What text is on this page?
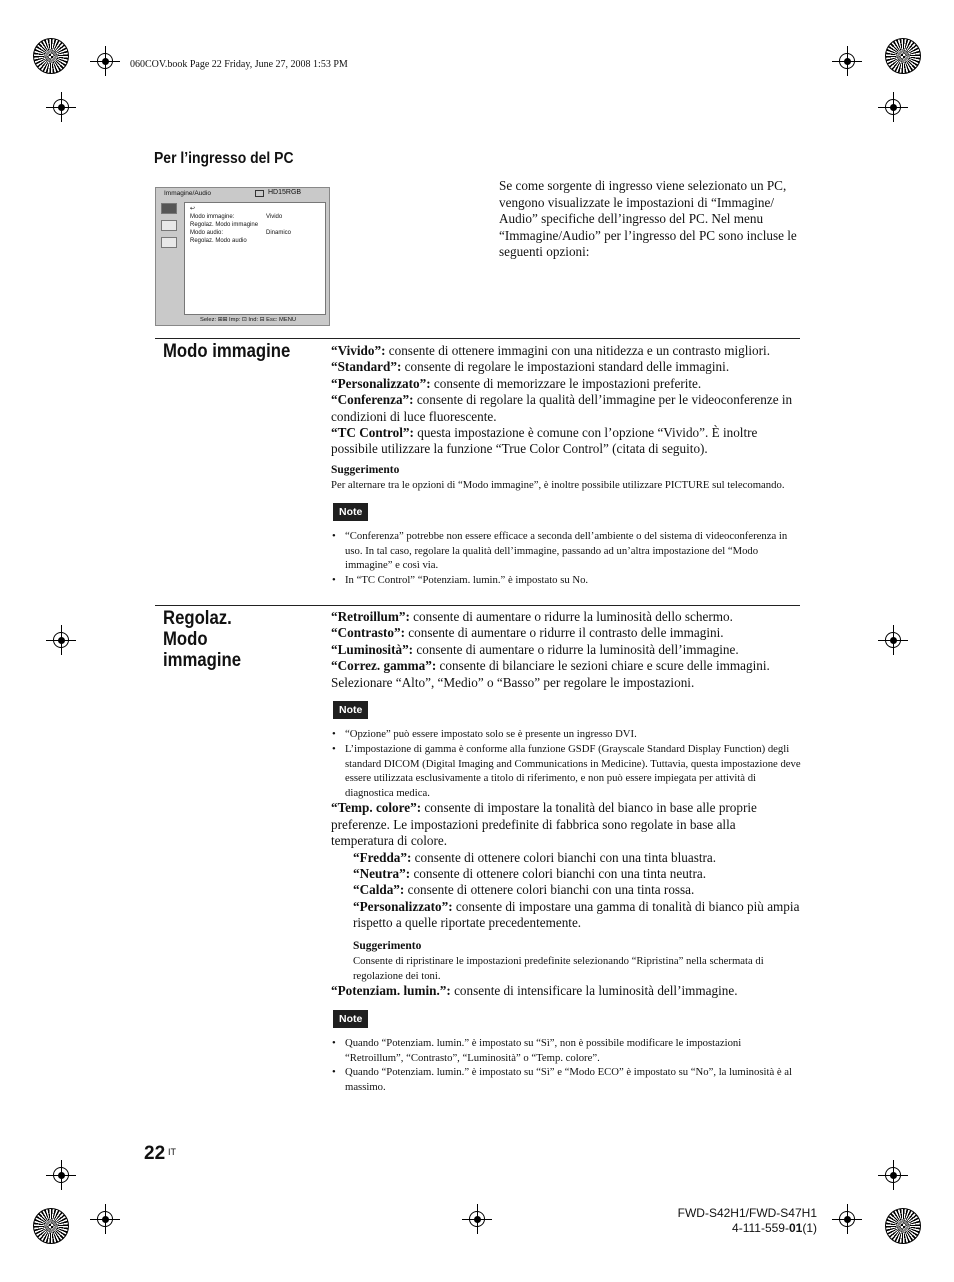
060COV.book Page 22 Friday, June 27, 2008 1:53 PM
Per l’ingresso del PC
Immagine/Audio	HD15RGB
↩
Modo immagine:	Vivido
Regolaz. Modo immagine
Modo audio:	Dinamico
Regolaz. Modo audio
Selez: ⊞⊞ Imp: ⊡ Ind: ⊟ Esc: MENU
Se come sorgente di ingresso viene selezionato un PC, vengono visualizzate le impostazioni di “Immagine/ Audio” specifiche dell’ingresso del PC. Nel menu “Immagine/Audio” per l’ingresso del PC sono incluse le seguenti opzioni:
Modo immagine	“Vivido”: consente di ottenere immagini con una nitidezza e un contrasto migliori.

“Standard”: consente di regolare le impostazioni standard delle immagini.

“Personalizzato”: consente di memorizzare le impostazioni preferite.

“Conferenza”: consente di regolare la qualità dell’immagine per le videoconferenze in condizioni di luce fluorescente.

“TC Control”: questa impostazione è comune con l’opzione “Vivido”. È inoltre possibile utilizzare la funzione “True Color Control” (citata di seguito).

Suggerimento

Per alternare tra le opzioni di “Modo immagine”, è inoltre possibile utilizzare PICTURE sul telecomando.

Note
• “Conferenza” potrebbe non essere efficace a seconda dell’ambiente o del sistema di videoconferenza in uso. In tal caso, regolare la qualità dell’immagine, passando ad un’altra impostazione del “Modo immagine” e così via.
• In “TC Control” “Potenziam. lumin.” è impostato su No.
Regolaz. Modo immagine

“Retroillum”: consente di aumentare o ridurre la luminosità dello schermo.

“Contrasto”: consente di aumentare o ridurre il contrasto delle immagini.

“Luminosità”: consente di aumentare o ridurre la luminosità dell’immagine.

“Correz. gamma”: consente di bilanciare le sezioni chiare e scure delle immagini. Selezionare “Alto”, “Medio” o “Basso” per regolare le impostazioni.

Note
• “Opzione” può essere impostato solo se è presente un ingresso DVI.
• L’impostazione di gamma è conforme alla funzione GSDF (Grayscale Standard Display Function) degli standard DICOM (Digital Imaging and Communications in Medicine). Tuttavia, questa impostazione deve essere utilizzata esclusivamente a titolo di riferimento, e non può essere impiegata per attività di diagnostica medica.

“Temp. colore”: consente di impostare la tonalità del bianco in base alle proprie preferenze. Le impostazioni predefinite di fabbrica sono regolate in base alla temperatura di colore.

“Fredda”: consente di ottenere colori bianchi con una tinta bluastra.

“Neutra”: consente di ottenere colori bianchi con una tinta neutra.

“Calda”: consente di ottenere colori bianchi con una tinta rossa.

“Personalizzato”: consente di impostare una gamma di tonalità di bianco più ampia rispetto a quelle riportate precedentemente.

Suggerimento

Consente di ripristinare le impostazioni predefinite selezionando “Ripristina” nella schermata di regolazione dei toni.

“Potenziam. lumin.”: consente di intensificare la luminosità dell’immagine.

Note
• Quando “Potenziam. lumin.” è impostato su “Sì”, non è possibile modificare le impostazioni “Retroillum”, “Contrasto”, “Luminosità” o “Temp. colore”.
• Quando “Potenziam. lumin.” è impostato su “Sì” e “Modo ECO” è impostato su “No”, la luminosità è al massimo.
22 IT
FWD-S42H1/FWD-S47H1
4-111-559-01(1)
